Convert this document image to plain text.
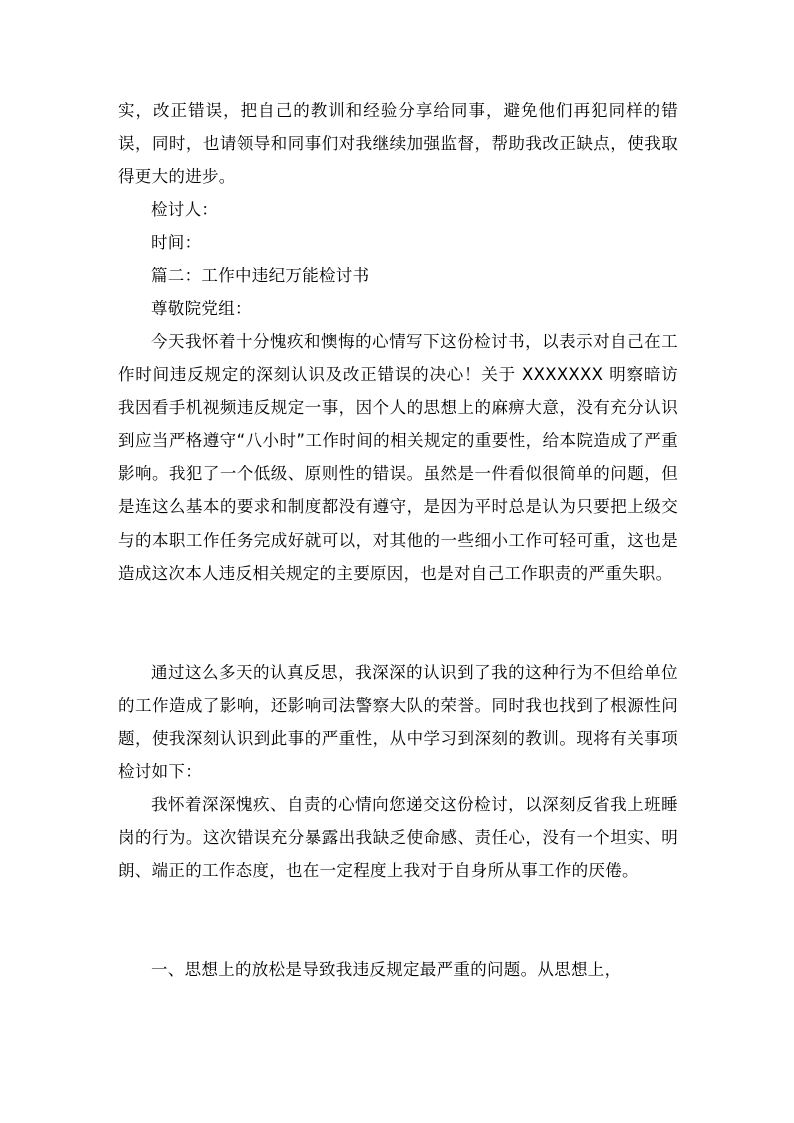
实，改正错误，把自己的教训和经验分享给同事，避免他们再犯同样的错误，同时，也请领导和同事们对我继续加强监督，帮助我改正缺点，使我取得更大的进步。

检讨人：

时间：

篇二：工作中违纪万能检讨书

尊敬院党组：

今天我怀着十分愧疚和懊悔的心情写下这份检讨书，以表示对自己在工作时间违反规定的深刻认识及改正错误的决心！关于 XXXXXXX 明察暗访我因看手机视频违反规定一事，因个人的思想上的麻痹大意，没有充分认识到应当严格遵守“八小时”工作时间的相关规定的重要性，给本院造成了严重影响。我犯了一个低级、原则性的错误。虽然是一件看似很简单的问题，但是连这么基本的要求和制度都没有遵守，是因为平时总是认为只要把上级交与的本职工作任务完成好就可以，对其他的一些细小工作可轻可重，这也是造成这次本人违反相关规定的主要原因，也是对自己工作职责的严重失职。

通过这么多天的认真反思，我深深的认识到了我的这种行为不但给单位的工作造成了影响，还影响司法警察大队的荣誉。同时我也找到了根源性问题，使我深刻认识到此事的严重性，从中学习到深刻的教训。现将有关事项检讨如下：

我怀着深深愧疚、自责的心情向您递交这份检讨，以深刻反省我上班睡岗的行为。这次错误充分暴露出我缺乏使命感、责任心，没有一个坦实、明朗、端正的工作态度，也在一定程度上我对于自身所从事工作的厌倦。

一、思想上的放松是导致我违反规定最严重的问题。从思想上，
